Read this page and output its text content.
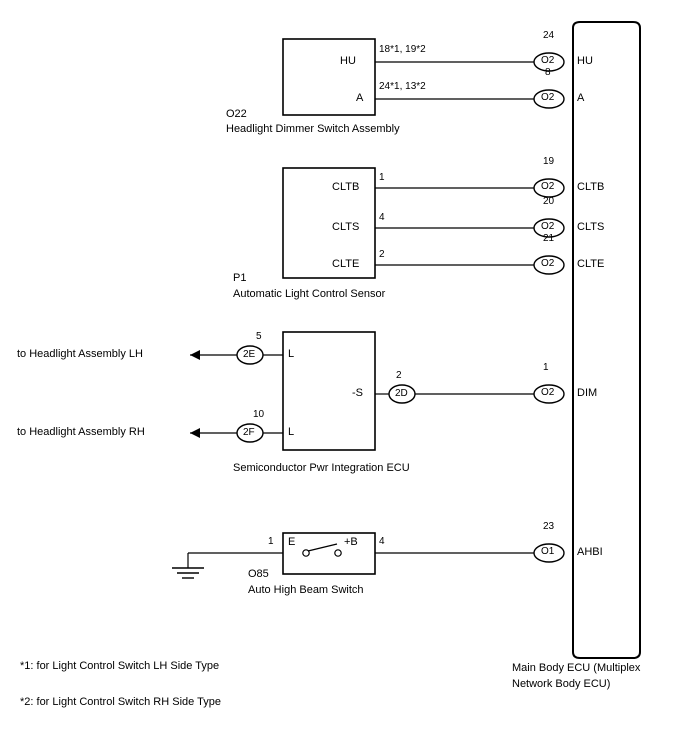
HU
A
18*1, 19*2
24*1, 13*2
O22
Headlight Dimmer Switch Assembly
24
O2 HU
8
O2 A
CLTB
CLTS
CLTE
1
4
2
P1
Automatic Light Control Sensor
19
O2 CLTB
20
O2 CLTS
21
O2 CLTE
L
L
-S
2
2D
Semiconductor Pwr Integration ECU
5
2E
10
2F
to Headlight Assembly LH
to Headlight Assembly RH
1
O2 DIM
E	+B
1	4
O85
Auto High Beam Switch
23
O1 AHBI
Main Body ECU (Multiplex
Network Body ECU)
*1: for Light Control Switch LH Side Type
*2: for Light Control Switch RH Side Type
